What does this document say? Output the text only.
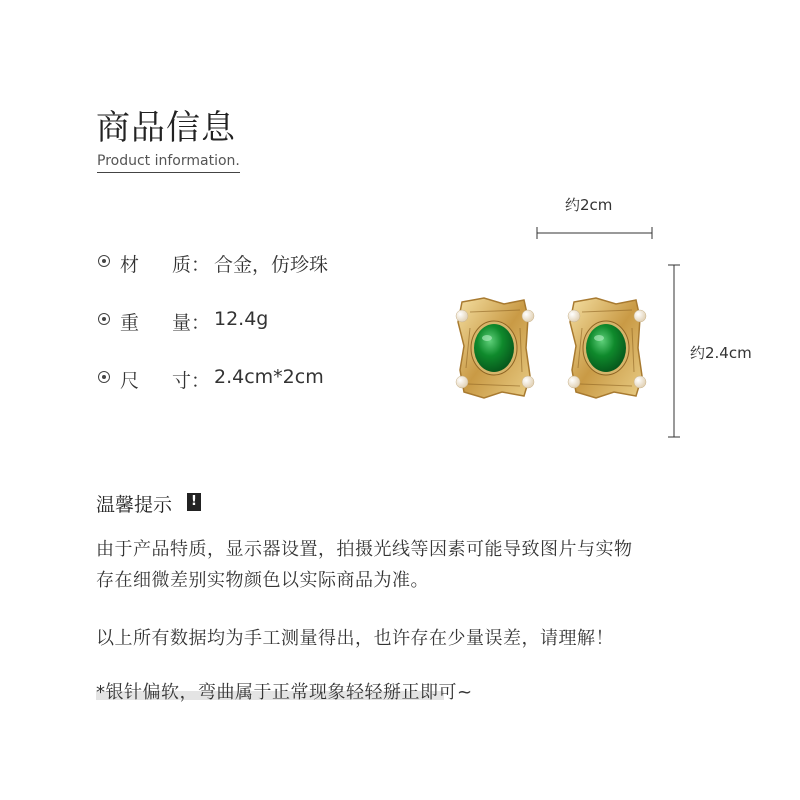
商品信息
Product information.
材 质： 合金，仿珍珠
重 量： 12.4g
尺 寸： 2.4cm*2cm
约2cm
约2.4cm
温馨提示	!
由于产品特质，显示器设置，拍摄光线等因素可能导致图片与实物
存在细微差别实物颜色以实际商品为准。
以上所有数据均为手工测量得出，也许存在少量误差，请理解！
*银针偏软，弯曲属于正常现象轻轻掰正即可~
